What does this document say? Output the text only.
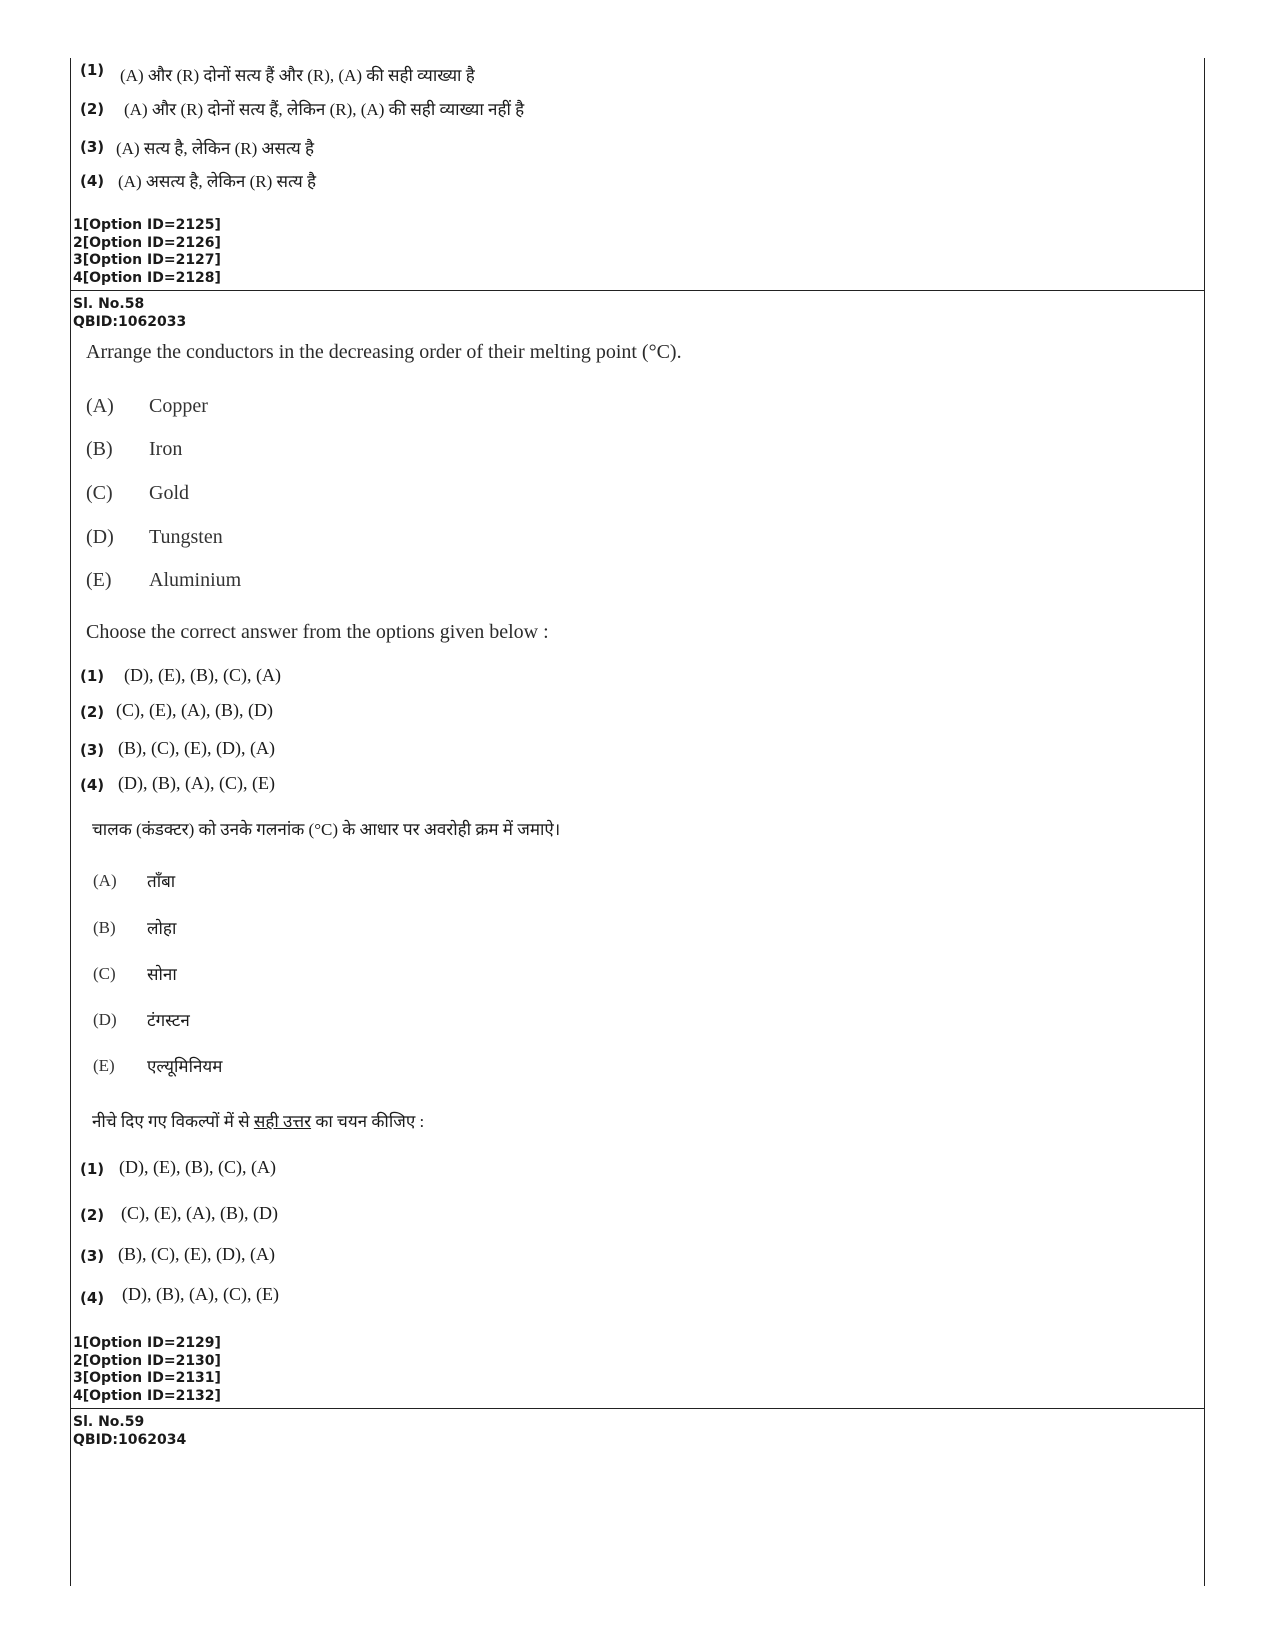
(1) (A) और (R) दोनों सत्य हैं और (R), (A) की सही व्याख्या है
(2) (A) और (R) दोनों सत्य हैं, लेकिन (R), (A) की सही व्याख्या नहीं है
(3) (A) सत्य है, लेकिन (R) असत्य है
(4) (A) असत्य है, लेकिन (R) सत्य है
1[Option ID=2125]
2[Option ID=2126]
3[Option ID=2127]
4[Option ID=2128]
Sl. No.58
QBID:1062033
Arrange the conductors in the decreasing order of their melting point (°C).
(A) Copper
(B) Iron
(C) Gold
(D) Tungsten
(E) Aluminium
Choose the correct answer from the options given below :
(1) (D), (E), (B), (C), (A)
(2) (C), (E), (A), (B), (D)
(3) (B), (C), (E), (D), (A)
(4) (D), (B), (A), (C), (E)
चालक (कंडक्टर) को उनके गलनांक (°C) के आधार पर अवरोही क्रम में जमाऐ।
(A) ताँबा
(B) लोहा
(C) सोना
(D) टंगस्टन
(E) एल्यूमिनियम
नीचे दिए गए विकल्पों में से सही उत्तर का चयन कीजिए :
(1) (D), (E), (B), (C), (A)
(2) (C), (E), (A), (B), (D)
(3) (B), (C), (E), (D), (A)
(4) (D), (B), (A), (C), (E)
1[Option ID=2129]
2[Option ID=2130]
3[Option ID=2131]
4[Option ID=2132]
Sl. No.59
QBID:1062034
